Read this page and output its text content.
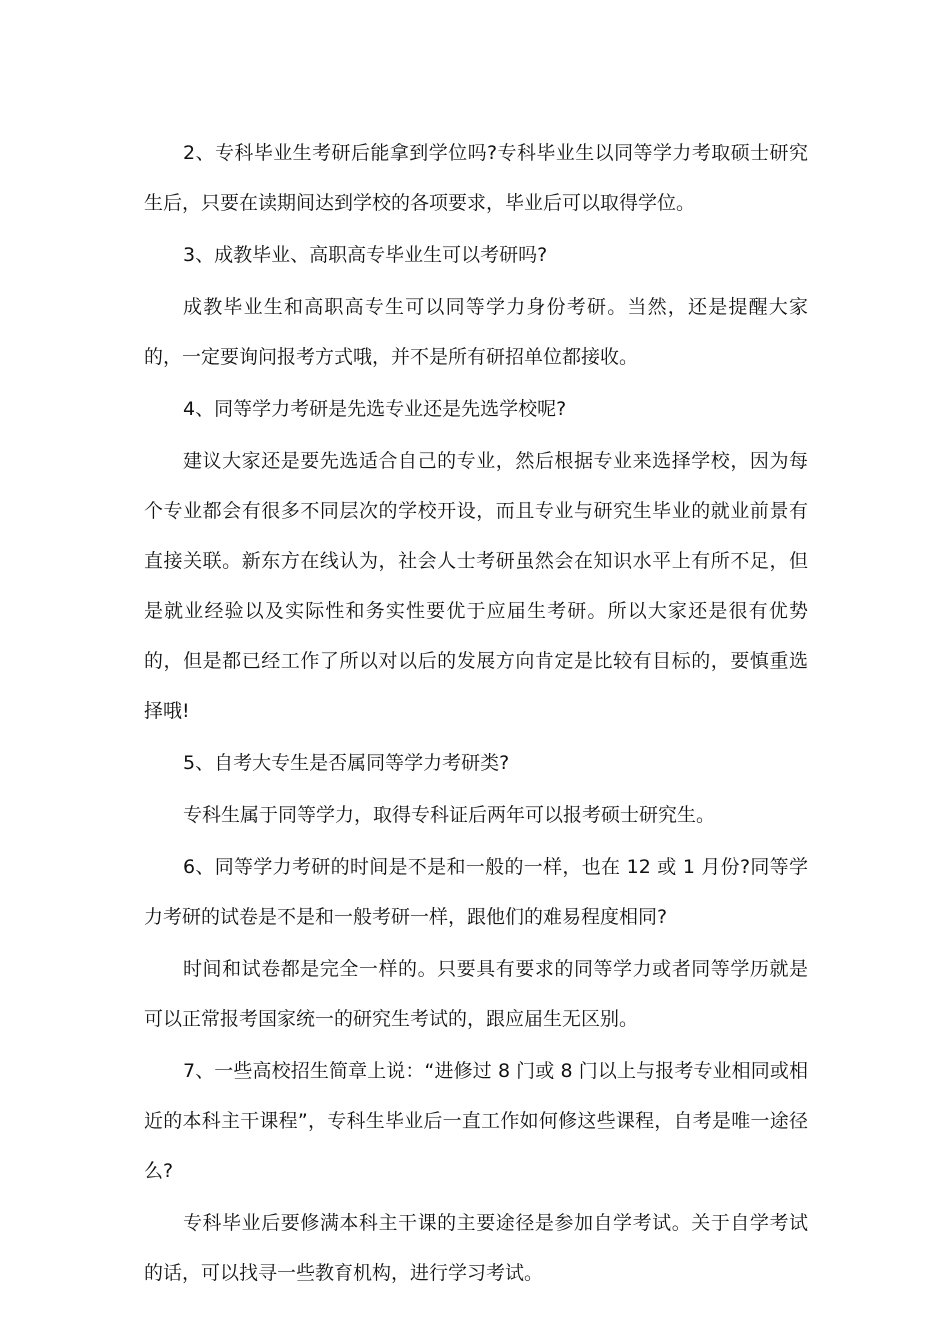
2、专科毕业生考研后能拿到学位吗?专科毕业生以同等学力考取硕士研究生后，只要在读期间达到学校的各项要求，毕业后可以取得学位。

3、成教毕业、高职高专毕业生可以考研吗?

成教毕业生和高职高专生可以同等学力身份考研。当然，还是提醒大家的，一定要询问报考方式哦，并不是所有研招单位都接收。

4、同等学力考研是先选专业还是先选学校呢?

建议大家还是要先选适合自己的专业，然后根据专业来选择学校，因为每个专业都会有很多不同层次的学校开设，而且专业与研究生毕业的就业前景有直接关联。新东方在线认为，社会人士考研虽然会在知识水平上有所不足，但是就业经验以及实际性和务实性要优于应届生考研。所以大家还是很有优势的，但是都已经工作了所以对以后的发展方向肯定是比较有目标的，要慎重选择哦!

5、自考大专生是否属同等学力考研类?

专科生属于同等学力，取得专科证后两年可以报考硕士研究生。

6、同等学力考研的时间是不是和一般的一样，也在 12 或 1 月份?同等学力考研的试卷是不是和一般考研一样，跟他们的难易程度相同?

时间和试卷都是完全一样的。只要具有要求的同等学力或者同等学历就是可以正常报考国家统一的研究生考试的，跟应届生无区别。

7、一些高校招生简章上说：“进修过 8 门或 8 门以上与报考专业相同或相近的本科主干课程”，专科生毕业后一直工作如何修这些课程，自考是唯一途径么?

专科毕业后要修满本科主干课的主要途径是参加自学考试。关于自学考试的话，可以找寻一些教育机构，进行学习考试。
